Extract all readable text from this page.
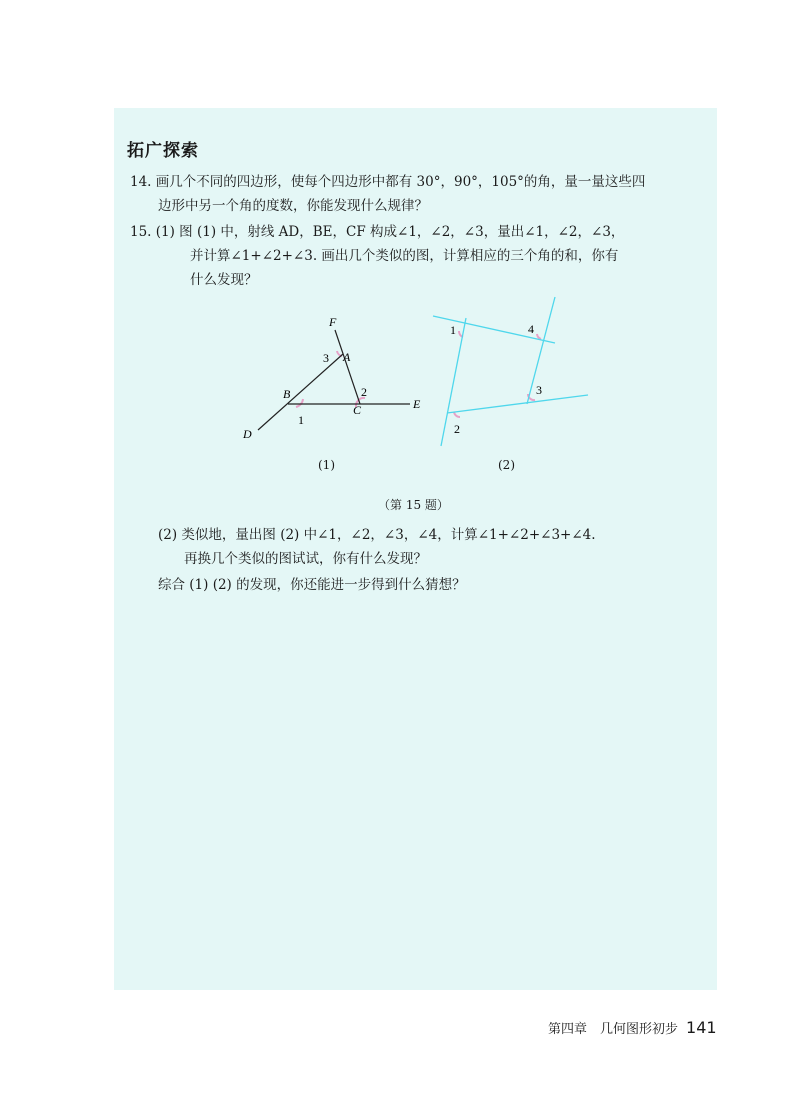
拓广探索
14. 画几个不同的四边形，使每个四边形中都有 30°，90°，105°的角，量一量这些四
边形中另一个角的度数，你能发现什么规律？
15. (1) 图 (1) 中，射线 AD，BE，CF 构成∠1，∠2，∠3，量出∠1，∠2，∠3，
并计算∠1+∠2+∠3. 画出几个类似的图，计算相应的三个角的和，你有
什么发现？
F
A
3
B	2
C	E
1
D
1	4
3
2
(1)	(2)
（第 15 题）
(2) 类似地，量出图 (2) 中∠1，∠2，∠3，∠4，计算∠1+∠2+∠3+∠4.
再换几个类似的图试试，你有什么发现？
综合 (1) (2) 的发现，你还能进一步得到什么猜想？
第四章　几何图形初步 141
